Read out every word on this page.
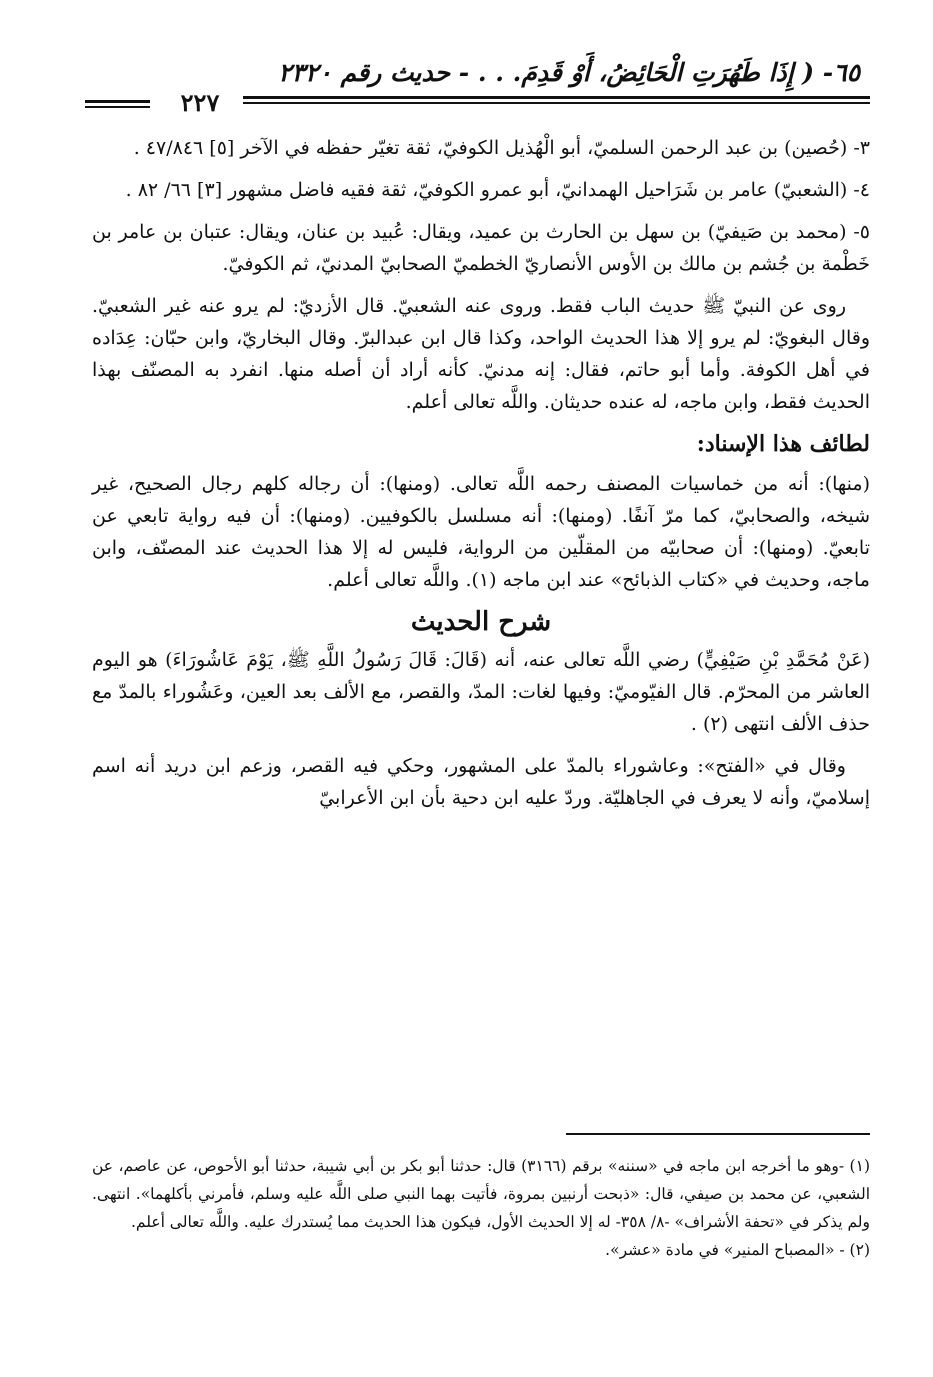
٦٥- ( إِذَا طَهُرَتِ الْحَائِضُ، أَوْ قَدِمَ. . . - حديث رقم ٢٣٢٠
٢٢٧

٣- (حُصين) بن عبد الرحمن السلميّ، أبو الْهُذيل الكوفيّ، ثقة تغيّر حفظه في الآخر [٥] ٤٧/٨٤٦ .

٤- (الشعبيّ) عامر بن شَرَاحيل الهمدانيّ، أبو عمرو الكوفيّ، ثقة فقيه فاضل مشهور [٣] ٦٦/ ٨٢ .

٥- (محمد بن صَيفيّ) بن سهل بن الحارث بن عميد، ويقال: عُبيد بن عنان، ويقال: عتبان بن عامر بن خَطْمة بن جُشم بن مالك بن الأوس الأنصاريّ الخطميّ الصحابيّ المدنيّ، ثم الكوفيّ.

روى عن النبيّ ﷺ حديث الباب فقط. وروى عنه الشعبيّ. قال الأزديّ: لم يرو عنه غير الشعبيّ. وقال البغويّ: لم يرو إلا هذا الحديث الواحد، وكذا قال ابن عبدالبرّ. وقال البخاريّ، وابن حبّان: عِدَاده في أهل الكوفة. وأما أبو حاتم، فقال: إنه مدنيّ. كأنه أراد أن أصله منها. انفرد به المصنّف بهذا الحديث فقط، وابن ماجه، له عنده حديثان. واللَّه تعالى أعلم.

لطائف هذا الإسناد:

(منها): أنه من خماسيات المصنف رحمه اللَّه تعالى. (ومنها): أن رجاله كلهم رجال الصحيح، غير شيخه، والصحابيّ، كما مرّ آنفًا. (ومنها): أنه مسلسل بالكوفيين. (ومنها): أن فيه رواية تابعي عن تابعيّ. (ومنها): أن صحابيّه من المقلّين من الرواية، فليس له إلا هذا الحديث عند المصنّف، وابن ماجه، وحديث في «كتاب الذبائح» عند ابن ماجه (١). واللَّه تعالى أعلم.

شرح الحديث

(عَنْ مُحَمَّدِ بْنِ صَيْفِيٍّ) رضي اللَّه تعالى عنه، أنه (قَالَ: قَالَ رَسُولُ اللَّهِ ﷺ، يَوْمَ عَاشُورَاءَ) هو اليوم العاشر من المحرّم. قال الفيّوميّ: وفيها لغات: المدّ، والقصر، مع الألف بعد العين، وعَشُوراء بالمدّ مع حذف الألف انتهى (٢) .

وقال في «الفتح»: وعاشوراء بالمدّ على المشهور، وحكي فيه القصر، وزعم ابن دريد أنه اسم إسلاميّ، وأنه لا يعرف في الجاهليّة. وردّ عليه ابن دحية بأن ابن الأعرابيّ

(١) -وهو ما أخرجه ابن ماجه في «سننه» برقم (٣١٦٦) قال: حدثنا أبو بكر بن أبي شيبة، حدثنا أبو الأحوص، عن عاصم، عن الشعبي، عن محمد بن صيفي، قال: «ذبحت أرنبين بمروة، فأتيت بهما النبي صلى اللَّه عليه وسلم، فأمرني بأكلهما». انتهى. ولم يذكر في «تحفة الأشراف» -٨/ ٣٥٨- له إلا الحديث الأول، فيكون هذا الحديث مما يُستدرك عليه. واللَّه تعالى أعلم.

(٢) - «المصباح المنير» في مادة «عشر».
